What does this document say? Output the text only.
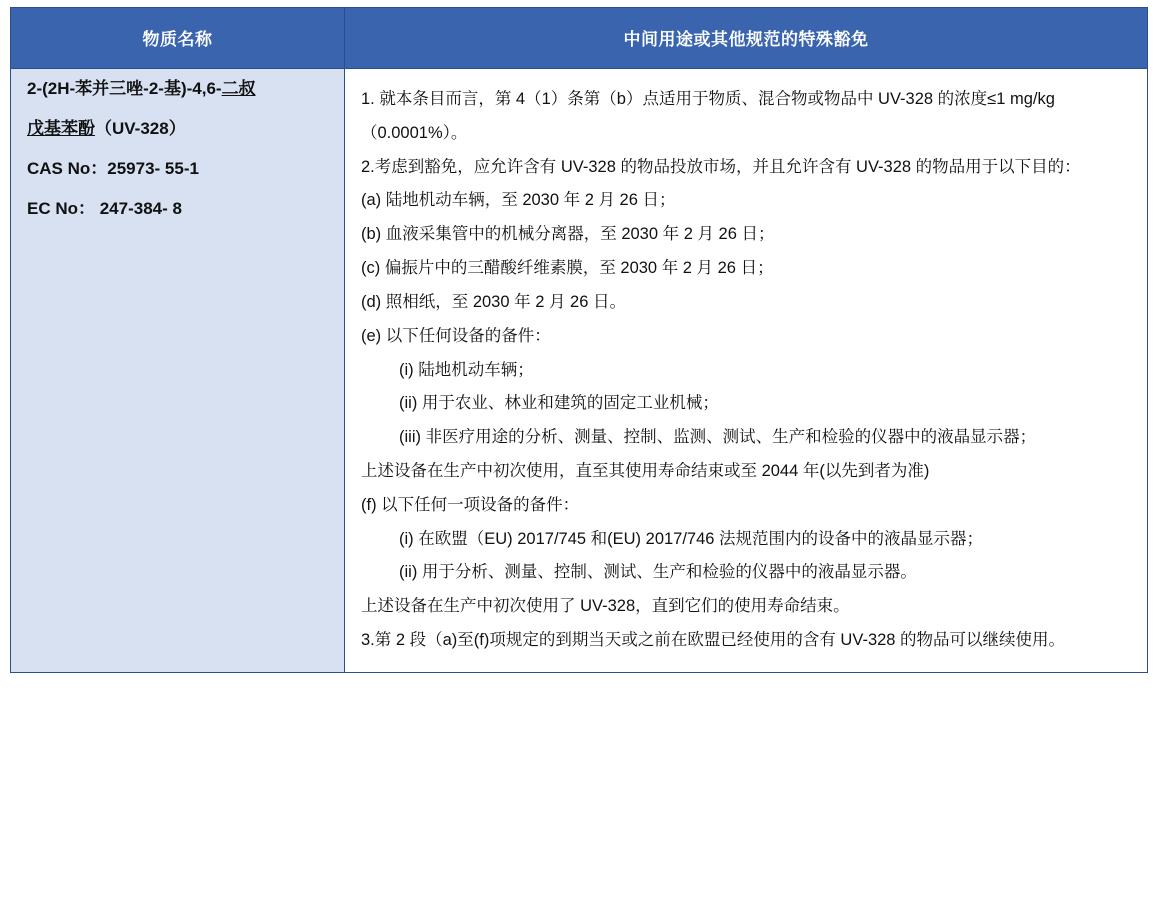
物质名称	中间用途或其他规范的特殊豁免

2-(2H-苯并三唑-2-基)-4,6-二叔
戊基苯酚（UV-328）
CAS No：25973- 55-1
EC No： 247-384- 8

1. 就本条目而言，第 4（1）条第（b）点适用于物质、混合物或物品中 UV-328 的浓度≤1 mg/kg（0.0001%）。

2.考虑到豁免，应允许含有 UV-328 的物品投放市场，并且允许含有 UV-328 的物品用于以下目的：

(a) 陆地机动车辆，至 2030 年 2 月 26 日；

(b) 血液采集管中的机械分离器，至 2030 年 2 月 26 日；

(c) 偏振片中的三醋酸纤维素膜，至 2030 年 2 月 26 日；

(d) 照相纸，至 2030 年 2 月 26 日。

(e) 以下任何设备的备件：

(i) 陆地机动车辆；

(ii) 用于农业、林业和建筑的固定工业机械；

(iii) 非医疗用途的分析、测量、控制、监测、测试、生产和检验的仪器中的液晶显示器；

上述设备在生产中初次使用，直至其使用寿命结束或至 2044 年(以先到者为准)

(f) 以下任何一项设备的备件：

(i) 在欧盟（EU) 2017/745 和(EU) 2017/746 法规范围内的设备中的液晶显示器；

(ii) 用于分析、测量、控制、测试、生产和检验的仪器中的液晶显示器。

上述设备在生产中初次使用了 UV-328，直到它们的使用寿命结束。

3.第 2 段（a)至(f)项规定的到期当天或之前在欧盟已经使用的含有 UV-328 的物品可以继续使用。
